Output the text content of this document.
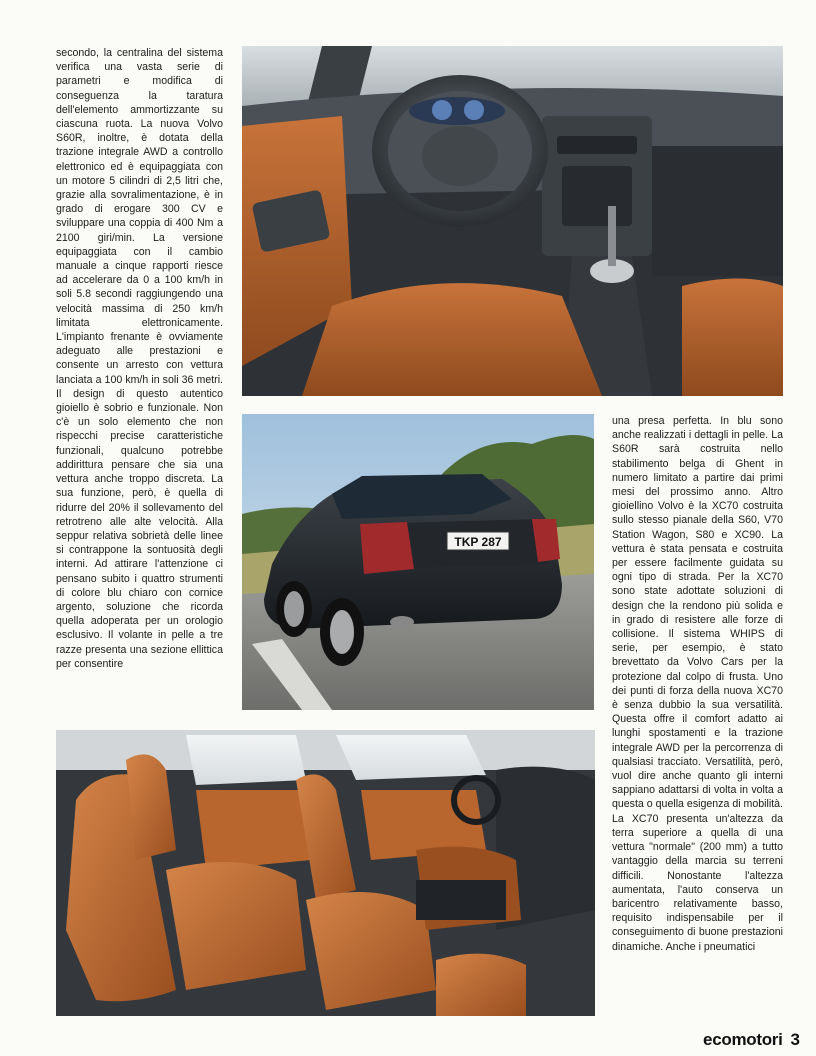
secondo, la centralina del sistema verifica una vasta serie di parametri e modifica di conseguenza la taratura dell'elemento ammortizzante su ciascuna ruota. La nuova Volvo S60R, inoltre, è dotata della trazione integrale AWD a controllo elettronico ed è equipaggiata con un motore 5 cilindri di 2,5 litri che, grazie alla sovralimentazione, è in grado di erogare 300 CV e sviluppare una coppia di 400 Nm a 2100 giri/min. La versione equipaggiata con il cambio manuale a cinque rapporti riesce ad accelerare da 0 a 100 km/h in soli 5.8 secondi raggiungendo una velocità massima di 250 km/h limitata elettronicamente. L'impianto frenante è ovviamente adeguato alle prestazioni e consente un arresto con vettura lanciata a 100 km/h in soli 36 metri. Il design di questo autentico gioiello è sobrio e funzionale. Non c'è un solo elemento che non rispecchi precise caratteristiche funzionali, qualcuno potrebbe addirittura pensare che sia una vettura anche troppo discreta. La sua funzione, però, è quella di ridurre del 20% il sollevamento del retrotreno alle alte velocità. Alla seppur relativa sobrietà delle linee si contrappone la sontuosità degli interni. Ad attirare l'attenzione ci pensano subito i quattro strumenti di colore blu chiaro con cornice argento, soluzione che ricorda quella adoperata per un orologio esclusivo. Il volante in pelle a tre razze presenta una sezione ellittica per consentire

TKP 287

una presa perfetta. In blu sono anche realizzati i dettagli in pelle. La S60R sarà costruita nello stabilimento belga di Ghent in numero limitato a partire dai primi mesi del prossimo anno. Altro gioiellino Volvo è la XC70 costruita sullo stesso pianale della S60, V70 Station Wagon, S80 e XC90. La vettura è stata pensata e costruita per essere facilmente guidata su ogni tipo di strada. Per la XC70 sono state adottate soluzioni di design che la rendono più solida e in grado di resistere alle forze di collisione. Il sistema WHIPS di serie, per esempio, è stato brevettato da Volvo Cars per la protezione dal colpo di frusta. Uno dei punti di forza della nuova XC70 è senza dubbio la sua versatilità. Questa offre il comfort adatto ai lunghi spostamenti e la trazione integrale AWD per la percorrenza di qualsiasi tracciato. Versatilità, però, vuol dire anche quanto gli interni sappiano adattarsi di volta in volta a questa o quella esigenza di mobilità. La XC70 presenta un'altezza da terra superiore a quella di una vettura "normale" (200 mm) a tutto vantaggio della marcia su terreni difficili. Nonostante l'altezza aumentata, l'auto conserva un baricentro relativamente basso, requisito indispensabile per il conseguimento di buone prestazioni dinamiche. Anche i pneumatici

ecomotori 3
